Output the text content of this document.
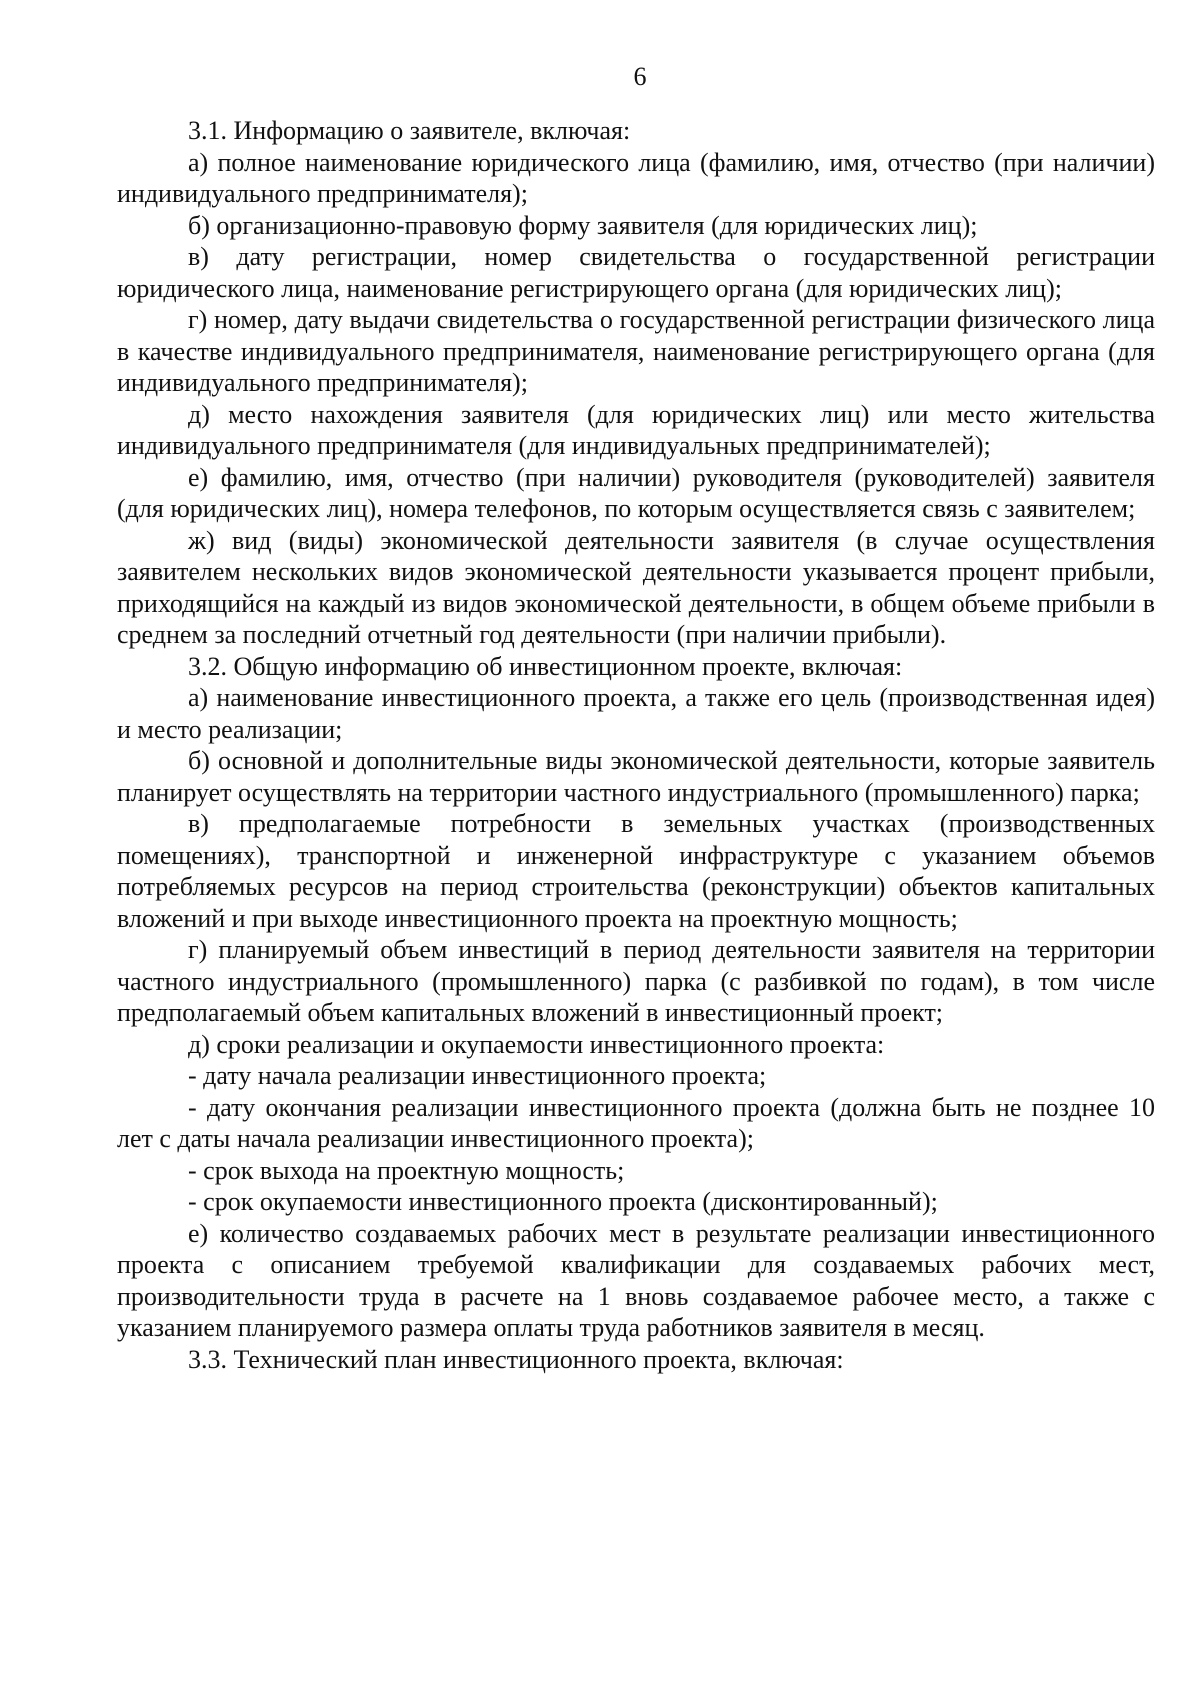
6

3.1. Информацию о заявителе, включая:

а) полное наименование юридического лица (фамилию, имя, отчество (при наличии) индивидуального предпринимателя);

б) организационно-правовую форму заявителя (для юридических лиц);

в) дату регистрации, номер свидетельства о государственной регистрации юридического лица, наименование регистрирующего органа (для юридических лиц);

г) номер, дату выдачи свидетельства о государственной регистрации физического лица в качестве индивидуального предпринимателя, наименование регистрирующего органа (для индивидуального предпринимателя);

д) место нахождения заявителя (для юридических лиц) или место жительства индивидуального предпринимателя (для индивидуальных предпринимателей);

е) фамилию, имя, отчество (при наличии) руководителя (руководителей) заявителя (для юридических лиц), номера телефонов, по которым осуществляется связь с заявителем;

ж) вид (виды) экономической деятельности заявителя (в случае осуществления заявителем нескольких видов экономической деятельности указывается процент прибыли, приходящийся на каждый из видов экономической деятельности, в общем объеме прибыли в среднем за последний отчетный год деятельности (при наличии прибыли).

3.2. Общую информацию об инвестиционном проекте, включая:

а) наименование инвестиционного проекта, а также его цель (производственная идея) и место реализации;

б) основной и дополнительные виды экономической деятельности, которые заявитель планирует осуществлять на территории частного индустриального (промышленного) парка;

в) предполагаемые потребности в земельных участках (производственных помещениях), транспортной и инженерной инфраструктуре с указанием объемов потребляемых ресурсов на период строительства (реконструкции) объектов капитальных вложений и при выходе инвестиционного проекта на проектную мощность;

г) планируемый объем инвестиций в период деятельности заявителя на территории частного индустриального (промышленного) парка (с разбивкой по годам), в том числе предполагаемый объем капитальных вложений в инвестиционный проект;

д) сроки реализации и окупаемости инвестиционного проекта:

- дату начала реализации инвестиционного проекта;

- дату окончания реализации инвестиционного проекта (должна быть не позднее 10 лет с даты начала реализации инвестиционного проекта);

- срок выхода на проектную мощность;

- срок окупаемости инвестиционного проекта (дисконтированный);

е) количество создаваемых рабочих мест в результате реализации инвестиционного проекта с описанием требуемой квалификации для создаваемых рабочих мест, производительности труда в расчете на 1 вновь создаваемое рабочее место, а также с указанием планируемого размера оплаты труда работников заявителя в месяц.

3.3. Технический план инвестиционного проекта, включая:
